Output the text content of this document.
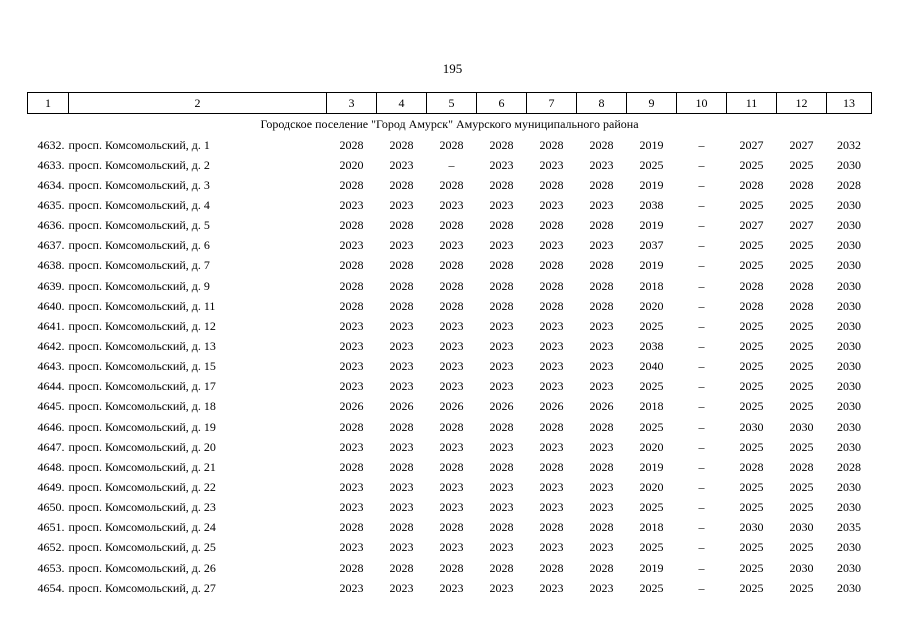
195
1	2	3	4	5	6	7	8	9	10	11	12	13
Городское поселение "Город Амурск" Амурского муниципального района												
4632.	просп. Комсомольский, д. 1	2028	2028	2028	2028	2028	2028	2019	–	2027	2027	2032
4633.	просп. Комсомольский, д. 2	2020	2023	–	2023	2023	2023	2025	–	2025	2025	2030
4634.	просп. Комсомольский, д. 3	2028	2028	2028	2028	2028	2028	2019	–	2028	2028	2028
4635.	просп. Комсомольский, д. 4	2023	2023	2023	2023	2023	2023	2038	–	2025	2025	2030
4636.	просп. Комсомольский, д. 5	2028	2028	2028	2028	2028	2028	2019	–	2027	2027	2030
4637.	просп. Комсомольский, д. 6	2023	2023	2023	2023	2023	2023	2037	–	2025	2025	2030
4638.	просп. Комсомольский, д. 7	2028	2028	2028	2028	2028	2028	2019	–	2025	2025	2030
4639.	просп. Комсомольский, д. 9	2028	2028	2028	2028	2028	2028	2018	–	2028	2028	2030
4640.	просп. Комсомольский, д. 11	2028	2028	2028	2028	2028	2028	2020	–	2028	2028	2030
4641.	просп. Комсомольский, д. 12	2023	2023	2023	2023	2023	2023	2025	–	2025	2025	2030
4642.	просп. Комсомольский, д. 13	2023	2023	2023	2023	2023	2023	2038	–	2025	2025	2030
4643.	просп. Комсомольский, д. 15	2023	2023	2023	2023	2023	2023	2040	–	2025	2025	2030
4644.	просп. Комсомольский, д. 17	2023	2023	2023	2023	2023	2023	2025	–	2025	2025	2030
4645.	просп. Комсомольский, д. 18	2026	2026	2026	2026	2026	2026	2018	–	2025	2025	2030
4646.	просп. Комсомольский, д. 19	2028	2028	2028	2028	2028	2028	2025	–	2030	2030	2030
4647.	просп. Комсомольский, д. 20	2023	2023	2023	2023	2023	2023	2020	–	2025	2025	2030
4648.	просп. Комсомольский, д. 21	2028	2028	2028	2028	2028	2028	2019	–	2028	2028	2028
4649.	просп. Комсомольский, д. 22	2023	2023	2023	2023	2023	2023	2020	–	2025	2025	2030
4650.	просп. Комсомольский, д. 23	2023	2023	2023	2023	2023	2023	2025	–	2025	2025	2030
4651.	просп. Комсомольский, д. 24	2028	2028	2028	2028	2028	2028	2018	–	2030	2030	2035
4652.	просп. Комсомольский, д. 25	2023	2023	2023	2023	2023	2023	2025	–	2025	2025	2030
4653.	просп. Комсомольский, д. 26	2028	2028	2028	2028	2028	2028	2019	–	2025	2030	2030
4654.	просп. Комсомольский, д. 27	2023	2023	2023	2023	2023	2023	2025	–	2025	2025	2030
